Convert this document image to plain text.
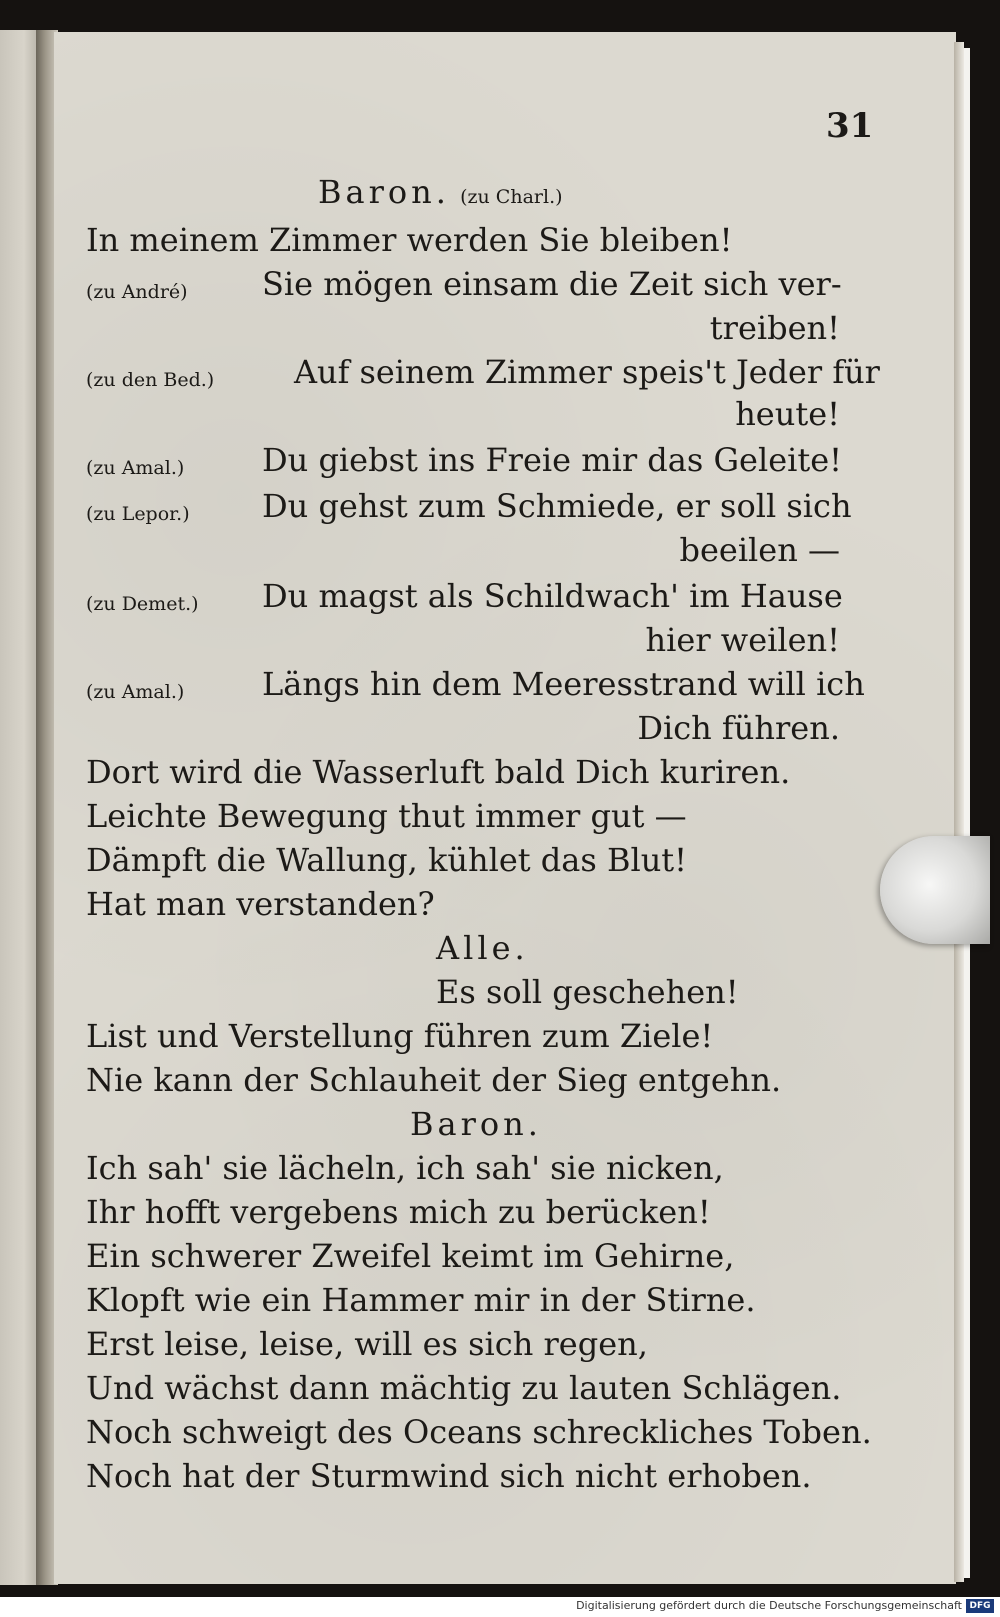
31
Baron. (zu Charl.)
In meinem Zimmer werden Sie bleiben!
(zu André) Sie mögen einsam die Zeit sich ver-
treiben!
(zu den Bed.) Auf seinem Zimmer speis't Jeder für
heute!
(zu Amal.) Du giebst ins Freie mir das Geleite!
(zu Lepor.) Du gehst zum Schmiede, er soll sich
beeilen —
(zu Demet.) Du magst als Schildwach' im Hause
hier weilen!
(zu Amal.) Längs hin dem Meeresstrand will ich
Dich führen.
Dort wird die Wasserluft bald Dich kuriren.
Leichte Bewegung thut immer gut —
Dämpft die Wallung, kühlet das Blut!
Hat man verstanden?
Alle.
Es soll geschehen!
List und Verstellung führen zum Ziele!
Nie kann der Schlauheit der Sieg entgehn.
Baron.
Ich sah' sie lächeln, ich sah' sie nicken,
Ihr hofft vergebens mich zu berücken!
Ein schwerer Zweifel keimt im Gehirne,
Klopft wie ein Hammer mir in der Stirne.
Erst leise, leise, will es sich regen,
Und wächst dann mächtig zu lauten Schlägen.
Noch schweigt des Oceans schreckliches Toben.
Noch hat der Sturmwind sich nicht erhoben.
Digitalisierung gefördert durch die Deutsche Forschungsgemeinschaft DFG
